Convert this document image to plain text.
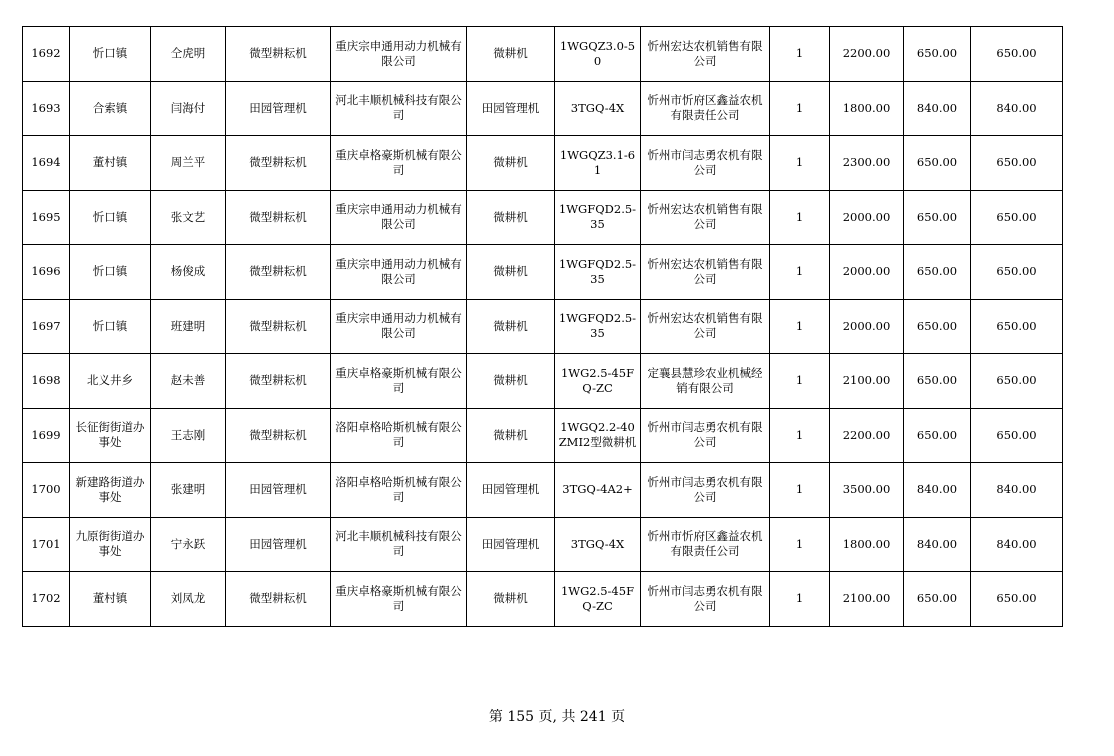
1692	忻口镇	仝虎明	微型耕耘机	重庆宗申通用动力机械有限公司	微耕机	1WGQZ3.0-50	忻州宏达农机销售有限公司	1	2200.00	650.00	650.00
1693	合索镇	闫海付	田园管理机	河北丰顺机械科技有限公司	田园管理机	3TGQ-4X	忻州市忻府区鑫益农机有限责任公司	1	1800.00	840.00	840.00
1694	董村镇	周兰平	微型耕耘机	重庆卓格豪斯机械有限公司	微耕机	1WGQZ3.1-61	忻州市闫志勇农机有限公司	1	2300.00	650.00	650.00
1695	忻口镇	张文艺	微型耕耘机	重庆宗申通用动力机械有限公司	微耕机	1WGFQD2.5-35	忻州宏达农机销售有限公司	1	2000.00	650.00	650.00
1696	忻口镇	杨俊成	微型耕耘机	重庆宗申通用动力机械有限公司	微耕机	1WGFQD2.5-35	忻州宏达农机销售有限公司	1	2000.00	650.00	650.00
1697	忻口镇	班建明	微型耕耘机	重庆宗申通用动力机械有限公司	微耕机	1WGFQD2.5-35	忻州宏达农机销售有限公司	1	2000.00	650.00	650.00
1698	北义井乡	赵未善	微型耕耘机	重庆卓格豪斯机械有限公司	微耕机	1WG2.5-45FQ-ZC	定襄县慧珍农业机械经销有限公司	1	2100.00	650.00	650.00
1699	长征街街道办事处	王志刚	微型耕耘机	洛阳卓格哈斯机械有限公司	微耕机	1WGQ2.2-40ZMI2型微耕机	忻州市闫志勇农机有限公司	1	2200.00	650.00	650.00
1700	新建路街道办事处	张建明	田园管理机	洛阳卓格哈斯机械有限公司	田园管理机	3TGQ-4A2+	忻州市闫志勇农机有限公司	1	3500.00	840.00	840.00
1701	九原街街道办事处	宁永跃	田园管理机	河北丰顺机械科技有限公司	田园管理机	3TGQ-4X	忻州市忻府区鑫益农机有限责任公司	1	1800.00	840.00	840.00
1702	董村镇	刘凤龙	微型耕耘机	重庆卓格豪斯机械有限公司	微耕机	1WG2.5-45FQ-ZC	忻州市闫志勇农机有限公司	1	2100.00	650.00	650.00
第 155 页, 共 241 页
